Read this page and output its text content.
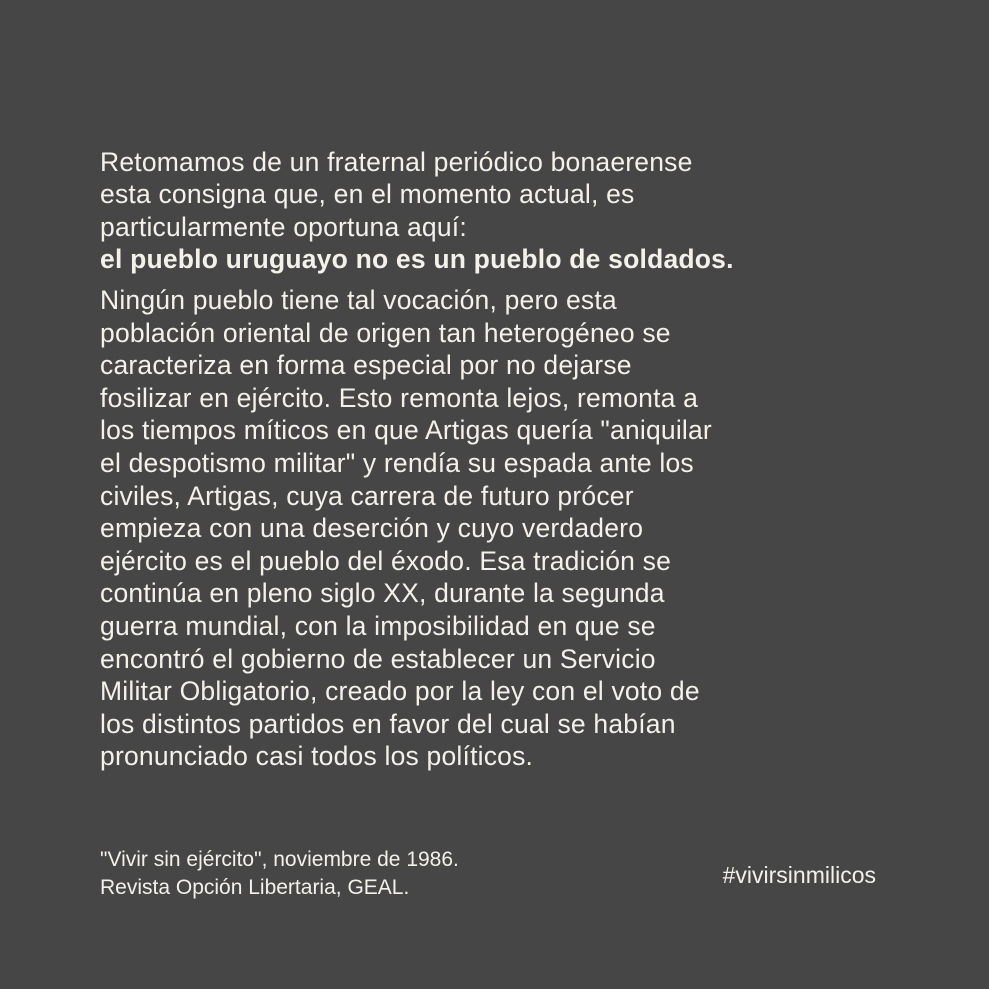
Retomamos de un fraternal periódico bonaerense
esta consigna que, en el momento actual, es
particularmente oportuna aquí:

el pueblo uruguayo no es un pueblo de soldados.

Ningún pueblo tiene tal vocación, pero esta
población oriental de origen tan heterogéneo se
caracteriza en forma especial por no dejarse
fosilizar en ejército. Esto remonta lejos, remonta a
los tiempos míticos en que Artigas quería "aniquilar
el despotismo militar" y rendía su espada ante los
civiles, Artigas, cuya carrera de futuro prócer
empieza con una deserción y cuyo verdadero
ejército es el pueblo del éxodo. Esa tradición se
continúa en pleno siglo XX, durante la segunda
guerra mundial, con la imposibilidad en que se
encontró el gobierno de establecer un Servicio
Militar Obligatorio, creado por la ley con el voto de
los distintos partidos en favor del cual se habían
pronunciado casi todos los políticos.

"Vivir sin ejército", noviembre de 1986.
Revista Opción Libertaria, GEAL.	#vivirsinmilicos
